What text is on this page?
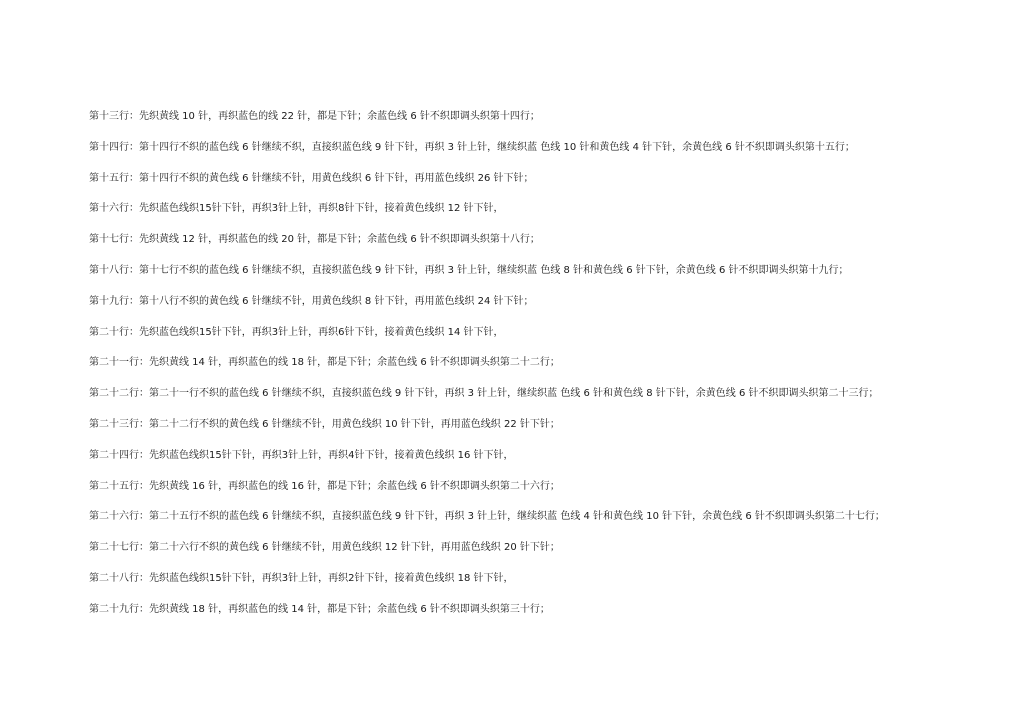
第十三行：先织黄线 10 针，再织蓝色的线 22 针，都是下针；余蓝色线 6 针不织即调头织第十四行；
第十四行：第十四行不织的蓝色线 6 针继续不织，直接织蓝色线 9 针下针，再织 3 针上针，继续织蓝 色线 10 针和黄色线 4 针下针，余黄色线 6 针不织即调头织第十五行；
第十五行：第十四行不织的黄色线 6 针继续不针，用黄色线织 6 针下针，再用蓝色线织 26 针下针；
第十六行：先织蓝色线织15针下针，再织3针上针，再织8针下针，接着黄色线织 12 针下针，
第十七行：先织黄线 12 针，再织蓝色的线 20 针，都是下针；余蓝色线 6 针不织即调头织第十八行；
第十八行：第十七行不织的蓝色线 6 针继续不织，直接织蓝色线 9 针下针，再织 3 针上针，继续织蓝 色线 8 针和黄色线 6 针下针，余黄色线 6 针不织即调头织第十九行；
第十九行：第十八行不织的黄色线 6 针继续不针，用黄色线织 8 针下针，再用蓝色线织 24 针下针；
第二十行：先织蓝色线织15针下针，再织3针上针，再织6针下针，接着黄色线织 14 针下针，
第二十一行：先织黄线 14 针，再织蓝色的线 18 针，都是下针；余蓝色线 6 针不织即调头织第二十二行；
第二十二行：第二十一行不织的蓝色线 6 针继续不织，直接织蓝色线 9 针下针，再织 3 针上针，继续织蓝 色线 6 针和黄色线 8 针下针，余黄色线 6 针不织即调头织第二十三行；
第二十三行：第二十二行不织的黄色线 6 针继续不针，用黄色线织 10 针下针，再用蓝色线织 22 针下针；
第二十四行：先织蓝色线织15针下针，再织3针上针，再织4针下针，接着黄色线织 16 针下针，
第二十五行：先织黄线 16 针，再织蓝色的线 16 针，都是下针；余蓝色线 6 针不织即调头织第二十六行；
第二十六行：第二十五行不织的蓝色线 6 针继续不织，直接织蓝色线 9 针下针，再织 3 针上针，继续织蓝 色线 4 针和黄色线 10 针下针，余黄色线 6 针不织即调头织第二十七行；
第二十七行：第二十六行不织的黄色线 6 针继续不针，用黄色线织 12 针下针，再用蓝色线织 20 针下针；
第二十八行：先织蓝色线织15针下针，再织3针上针，再织2针下针，接着黄色线织 18 针下针，
第二十九行：先织黄线 18 针，再织蓝色的线 14 针，都是下针；余蓝色线 6 针不织即调头织第三十行；
